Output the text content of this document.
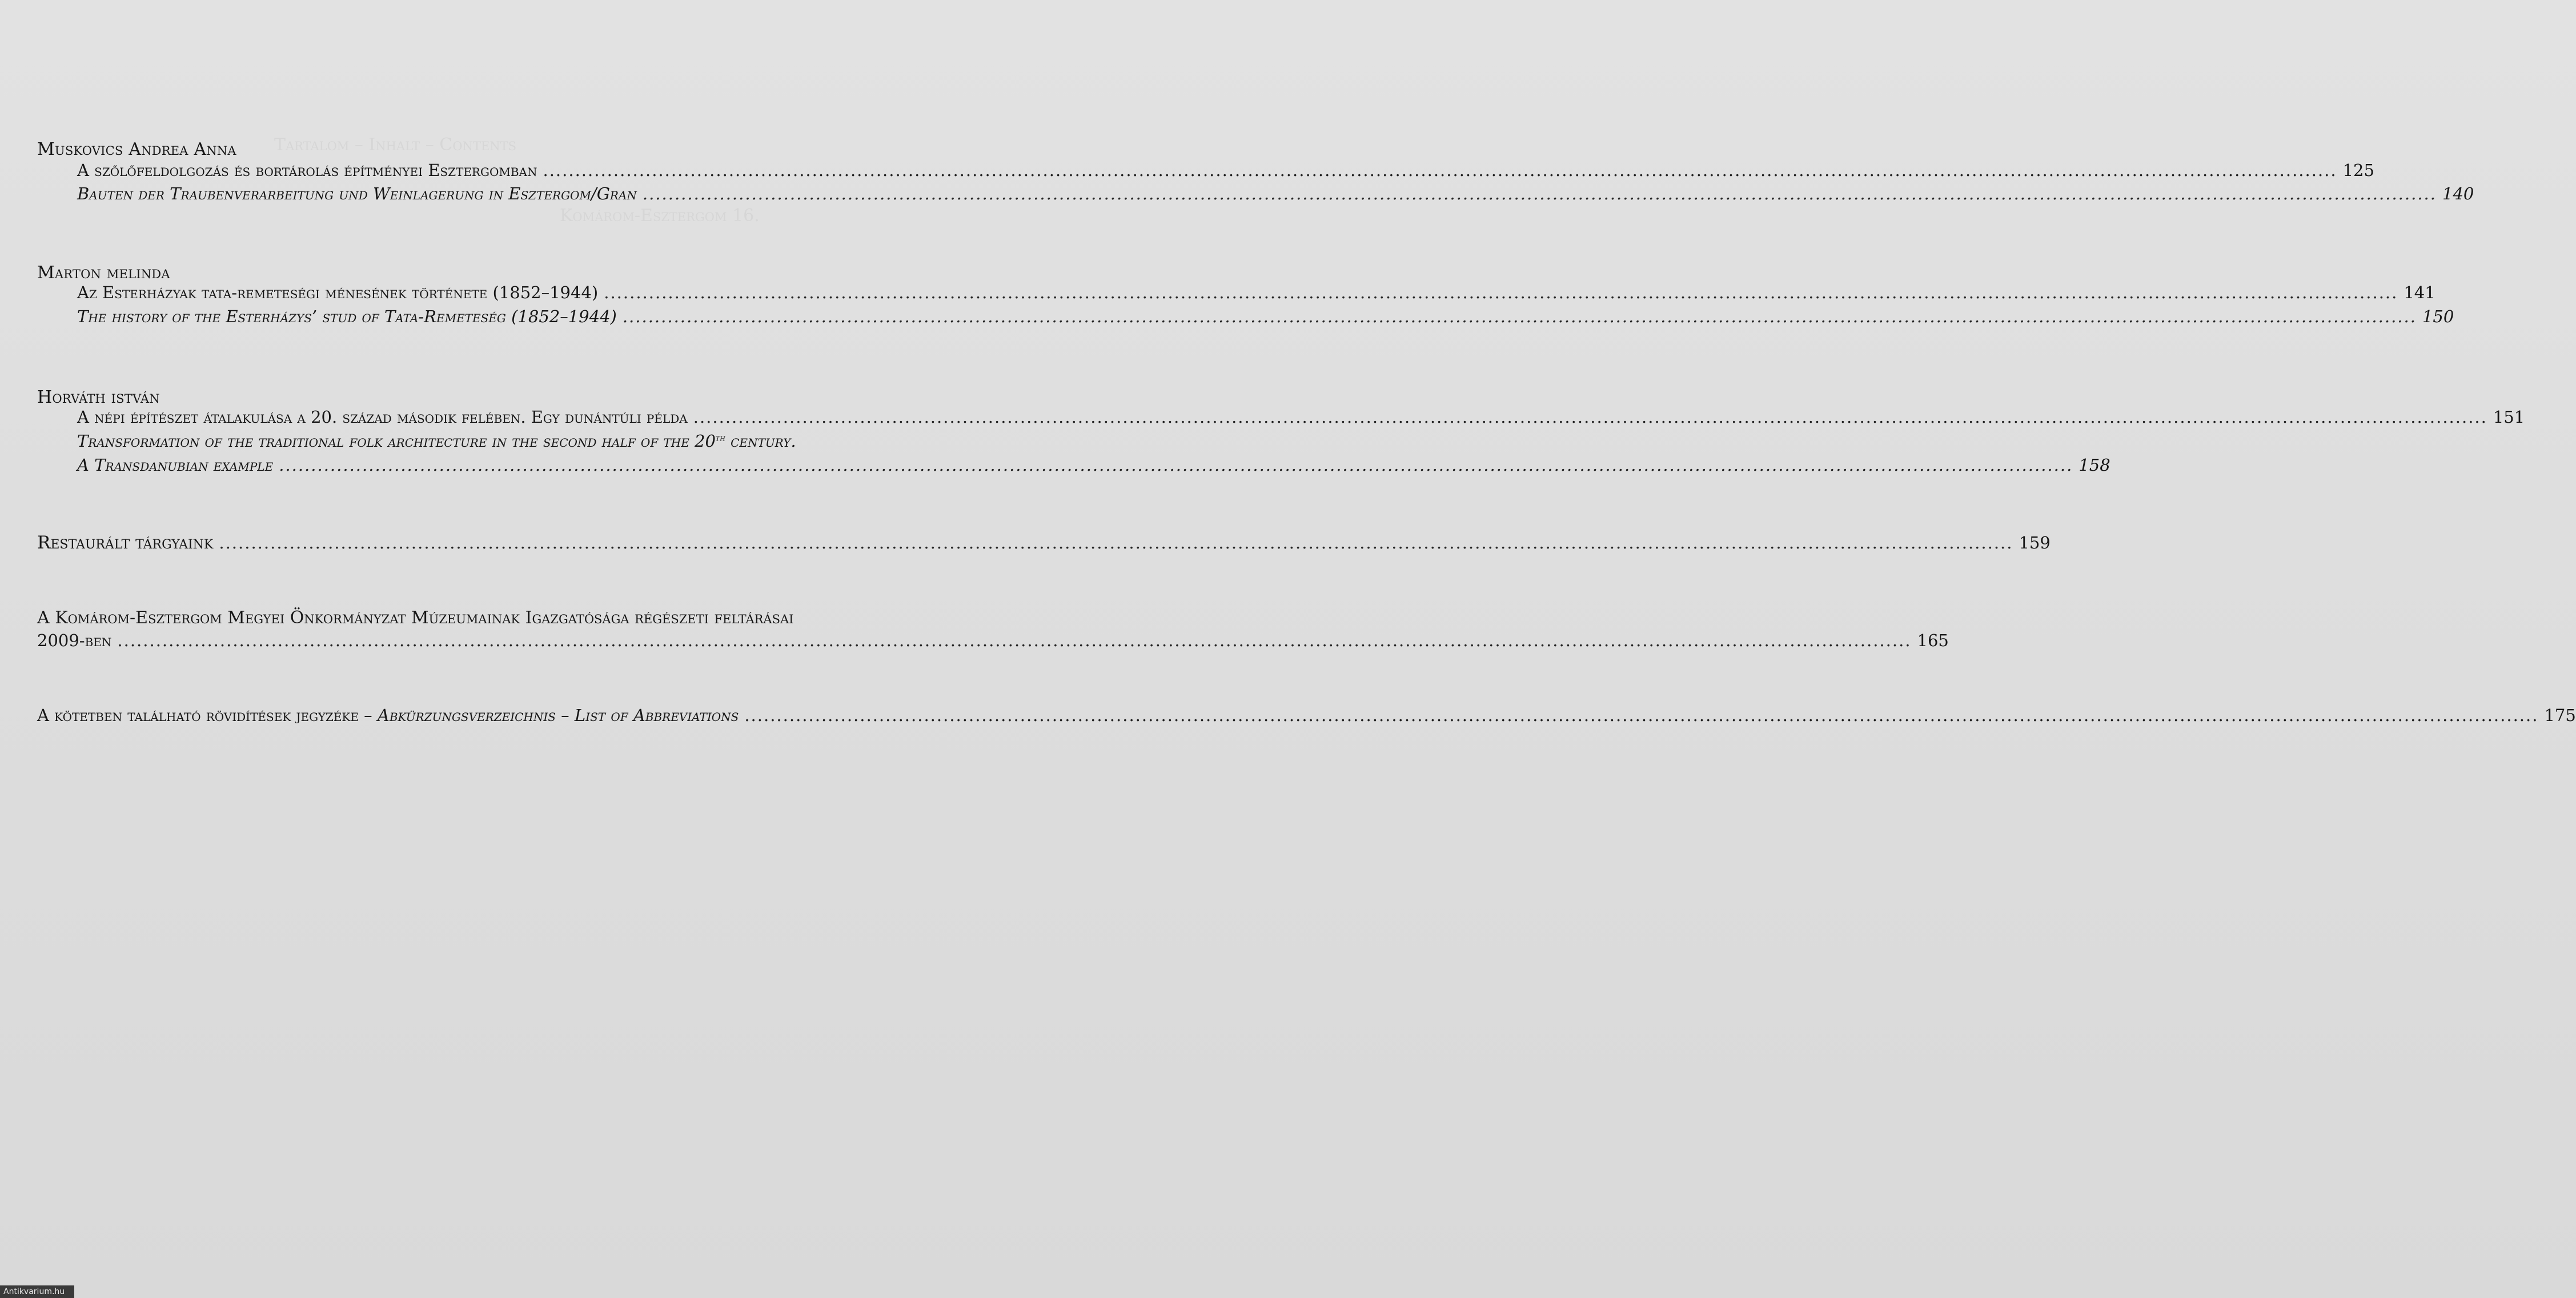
Tartalom – Inhalt – Contents
Komárom-Esztergom 16.
Muskovics Andrea Anna
A szőlőfeldolgozás és bortárolás építményei Esztergomban .....	125
Bauten der Traubenverarbeitung und Weinlagerung in Esztergom/Gran .....	140
Marton melinda
Az Esterházyak tata-remeteségi ménesének története (1852–1944) .....	141
The history of the Esterházys’ stud of Tata-Remeteség (1852–1944) .....	150
Horváth istván
A népi építészet átalakulása a 20. század második felében. Egy dunántúli példa .....	151
Transformation of the traditional folk architecture in the second half of the 20th century.
A Transdanubian example .....	158
Restaurált tárgyaink .....	159
A Komárom-Esztergom Megyei Önkormányzat Múzeumainak Igazgatósága régészeti feltárásai
2009-ben .....	165
A kötetben található rövidítések jegyzéke – Abkürzungsverzeichnis – List of Abbreviations .....	175
Antikvarium.hu
